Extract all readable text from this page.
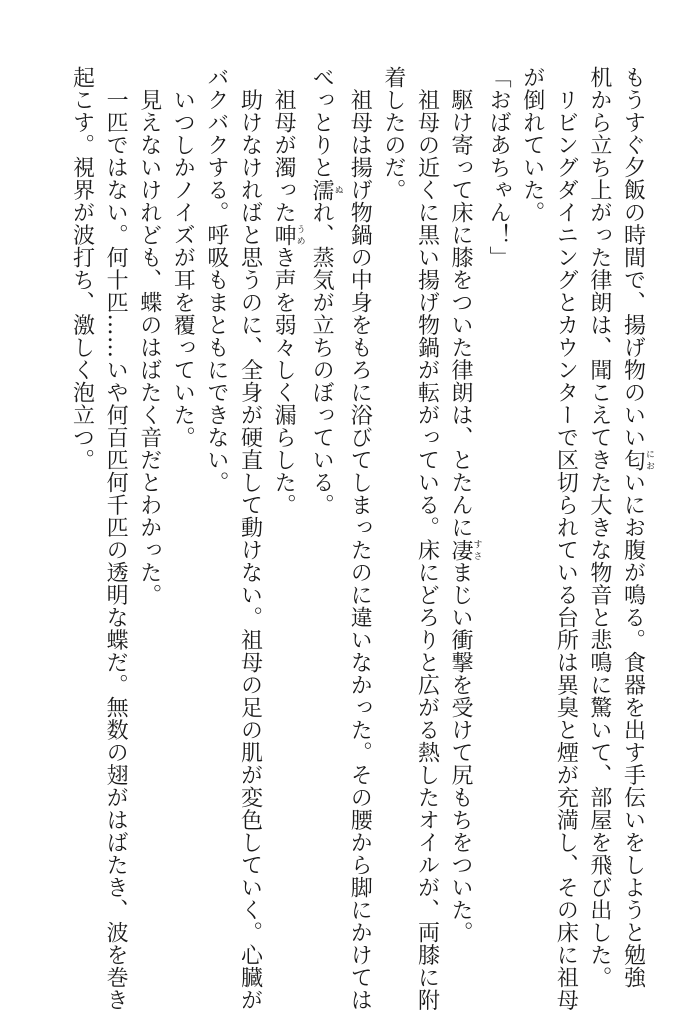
もうすぐ夕飯の時間で、揚げ物のいい匂においにお腹が鳴る。食器を出す手伝いをしようと勉強
机から立ち上がった律朗は、聞こえてきた大きな物音と悲鳴に驚いて、部屋を飛び出した。
　リビングダイニングとカウンターで区切られている台所は異臭と煙が充満し、その床に祖母
が倒れていた。
「おばあちゃん！」
　駆け寄って床に膝をついた律朗は、とたんに凄すさまじい衝撃を受けて尻もちをついた。
　祖母の近くに黒い揚げ物鍋が転がっている。床にどろりと広がる熱したオイルが、両膝に附
着したのだ。
　祖母は揚げ物鍋の中身をもろに浴びてしまったのに違いなかった。その腰から脚にかけては
べっとりと濡ぬれ、蒸気が立ちのぼっている。
　祖母が濁った呻うめき声を弱々しく漏らした。
　助けなければと思うのに、全身が硬直して動けない。祖母の足の肌が変色していく。心臓が
バクバクする。呼吸もまともにできない。
　いつしかノイズが耳を覆っていた。
　見えないけれども、蝶のはばたく音だとわかった。
　一匹ではない。何十匹……いや何百匹何千匹の透明な蝶だ。無数の翅がはばたき、波を巻き
起こす。視界が波打ち、激しく泡立つ。
